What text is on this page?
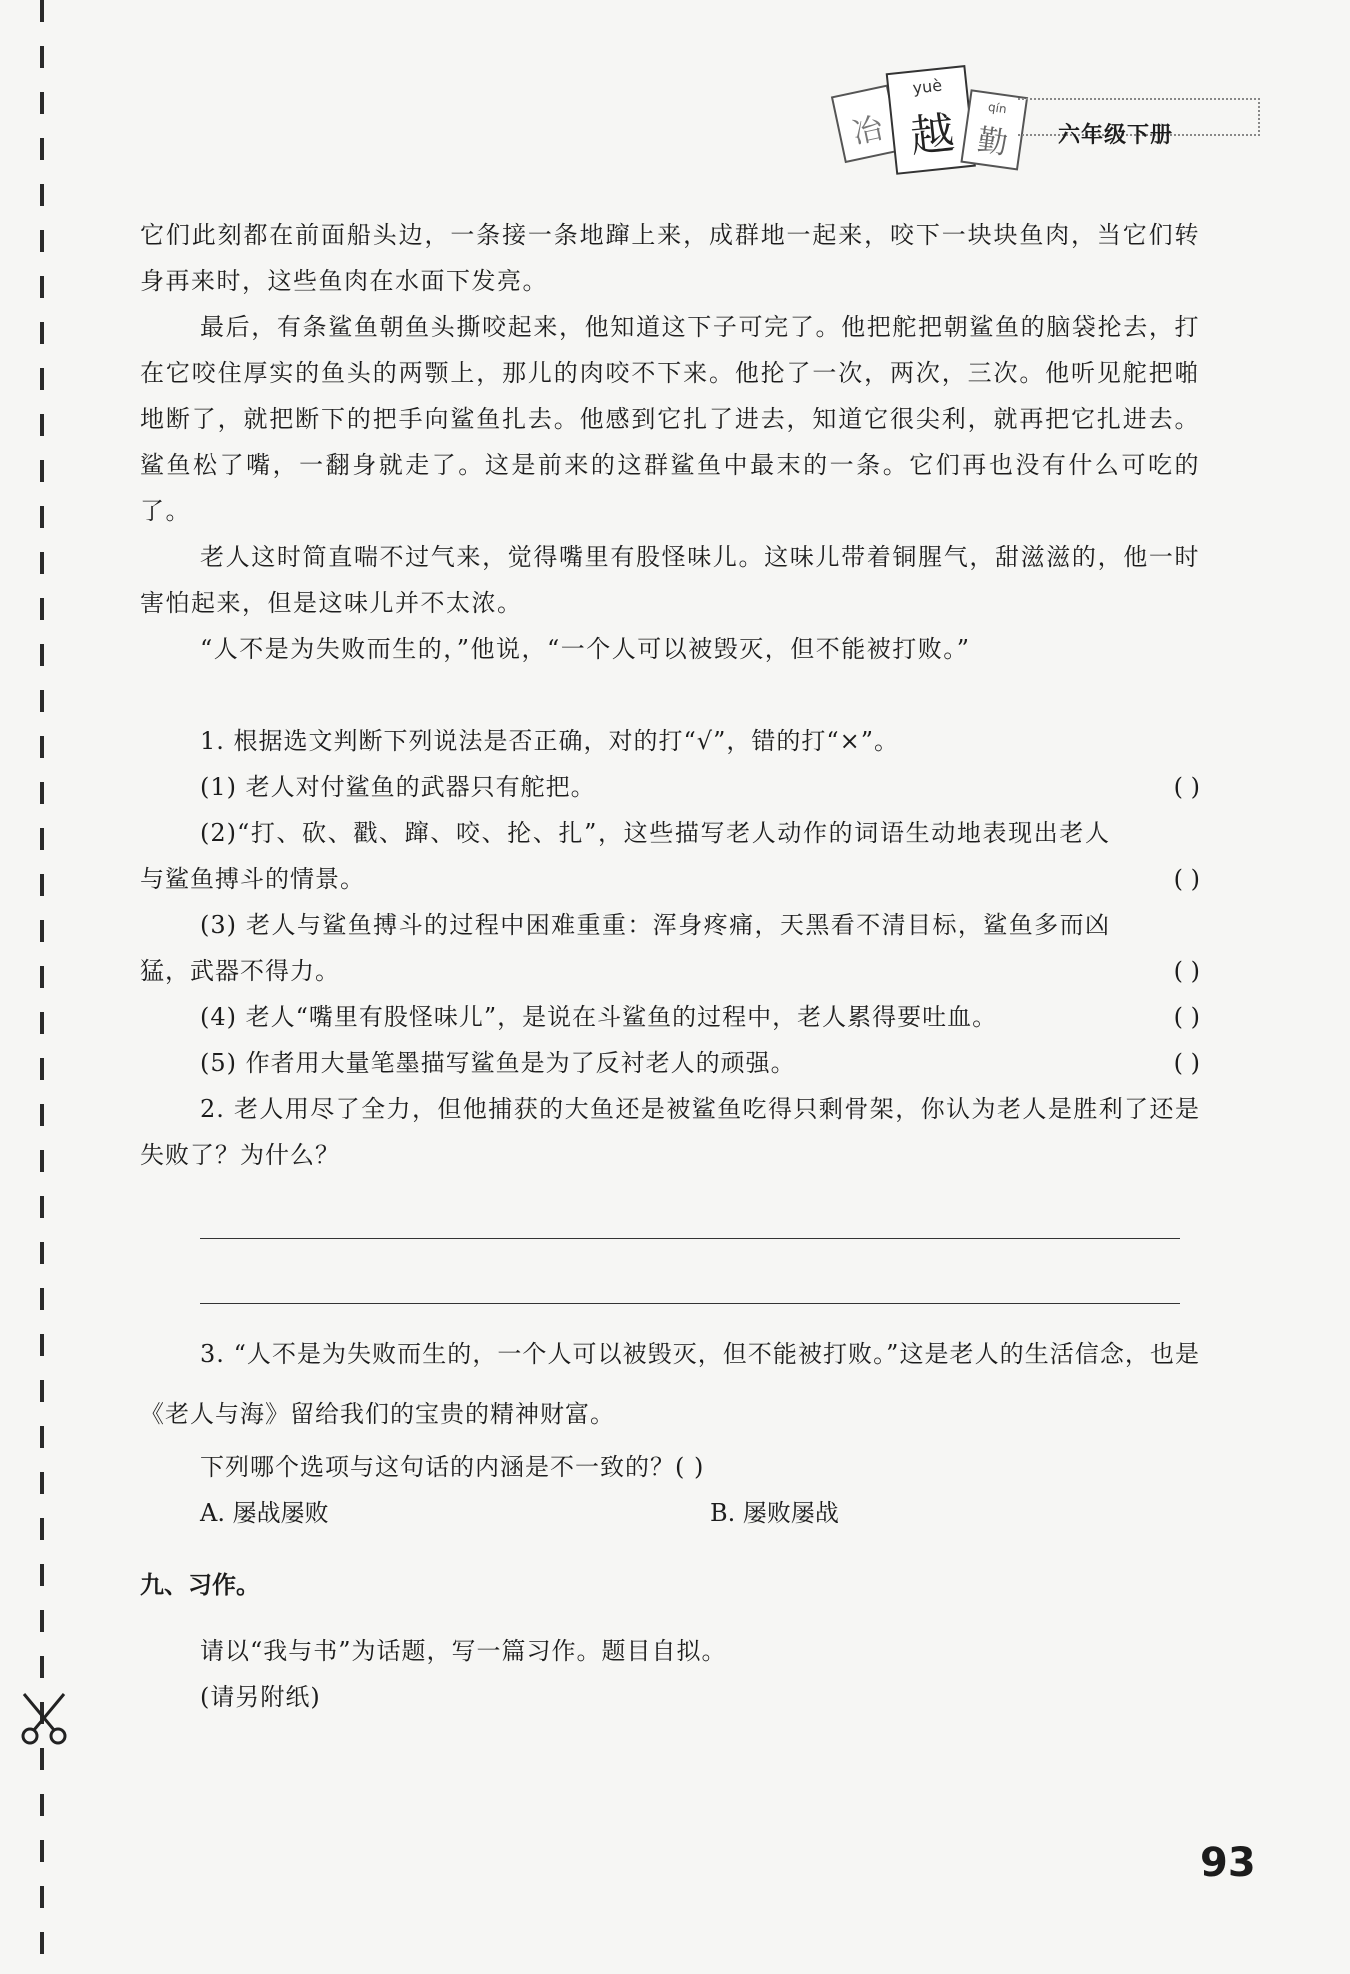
冶
yuè
越	qín
勤 六年级下册

它们此刻都在前面船头边，一条接一条地蹿上来，成群地一起来，咬下一块块鱼肉，当它们转身再来时，这些鱼肉在水面下发亮。

最后，有条鲨鱼朝鱼头撕咬起来，他知道这下子可完了。他把舵把朝鲨鱼的脑袋抡去，打在它咬住厚实的鱼头的两颚上，那儿的肉咬不下来。他抡了一次，两次，三次。他听见舵把啪地断了，就把断下的把手向鲨鱼扎去。他感到它扎了进去，知道它很尖利，就再把它扎进去。鲨鱼松了嘴，一翻身就走了。这是前来的这群鲨鱼中最末的一条。它们再也没有什么可吃的了。

老人这时简直喘不过气来，觉得嘴里有股怪味儿。这味儿带着铜腥气，甜滋滋的，他一时害怕起来，但是这味儿并不太浓。

“人不是为失败而生的，”他说，“一个人可以被毁灭，但不能被打败。”

1. 根据选文判断下列说法是否正确，对的打“√”，错的打“×”。

(1) 老人对付鲨鱼的武器只有舵把。	( )

(2)“打、砍、戳、蹿、咬、抡、扎”，这些描写老人动作的词语生动地表现出老人与鲨鱼搏斗的情景。	( )

(3) 老人与鲨鱼搏斗的过程中困难重重：浑身疼痛，天黑看不清目标，鲨鱼多而凶猛，武器不得力。	( )

(4) 老人“嘴里有股怪味儿”，是说在斗鲨鱼的过程中，老人累得要吐血。	( )

(5) 作者用大量笔墨描写鲨鱼是为了反衬老人的顽强。	( )

2. 老人用尽了全力，但他捕获的大鱼还是被鲨鱼吃得只剩骨架，你认为老人是胜利了还是失败了？为什么？

3. “人不是为失败而生的，一个人可以被毁灭，但不能被打败。”这是老人的生活信念，也是《老人与海》留给我们的宝贵的精神财富。

下列哪个选项与这句话的内涵是不一致的？( )

A. 屡战屡败	B. 屡败屡战

九、习作。

请以“我与书”为话题，写一篇习作。题目自拟。

(请另附纸)

93
